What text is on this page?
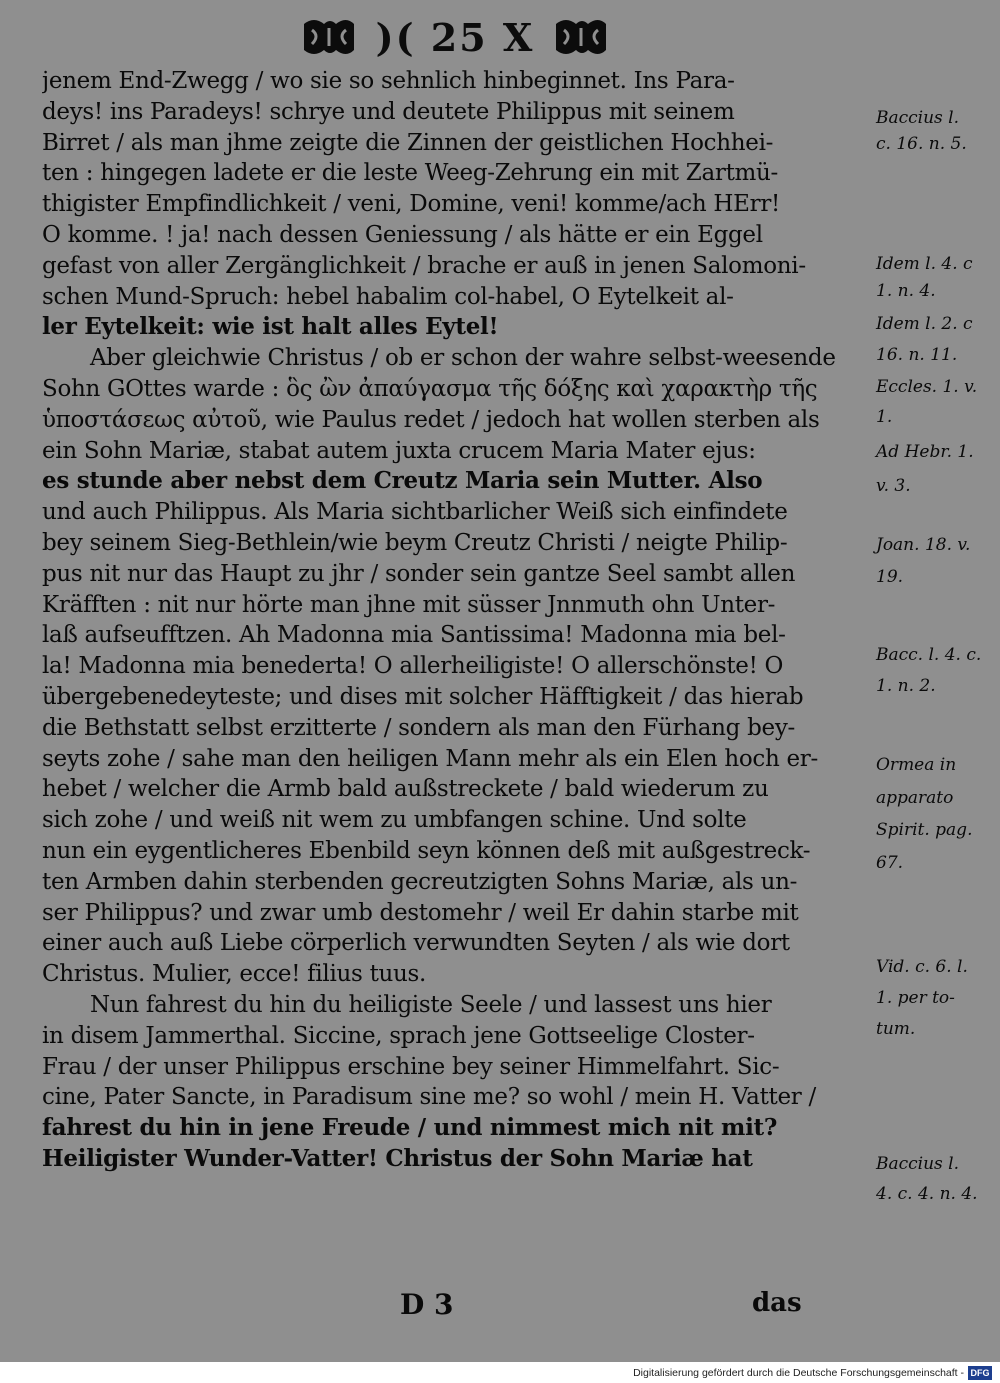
)( 25 X
jenem End-Zwegg / wo sie so sehnlich hinbeginnet. Ins Para-
deys! ins Paradeys! schrye und deutete Philippus mit seinem
Birret / als man jhme zeigte die Zinnen der geistlichen Hochhei-
ten : hingegen ladete er die leste Weeg-Zehrung ein mit Zartmü-
thigister Empfindlichkeit / veni, Domine, veni! komme/ach HErr!
O komme. ! ja! nach dessen Geniessung / als hätte er ein Eggel
gefast von aller Zergänglichkeit / brache er auß in jenen Salomoni-
schen Mund-Spruch: hebel habalim col-habel, O Eytelkeit al-
ler Eytelkeit: wie ist halt alles Eytel!
Aber gleichwie Christus / ob er schon der wahre selbst-weesende
Sohn GOttes warde : ὃς ὢν ἀπαύγασμα τῆς δόξης καὶ χαρακτὴρ τῆς
ὑποστάσεως αὐτοῦ, wie Paulus redet / jedoch hat wollen sterben als
ein Sohn Mariæ, stabat autem juxta crucem Maria Mater ejus:
es stunde aber nebst dem Creutz Maria sein Mutter. Also
und auch Philippus. Als Maria sichtbarlicher Weiß sich einfindete
bey seinem Sieg-Bethlein/wie beym Creutz Christi / neigte Philip-
pus nit nur das Haupt zu jhr / sonder sein gantze Seel sambt allen
Kräfften : nit nur hörte man jhne mit süsser Jnnmuth ohn Unter-
laß aufseufftzen. Ah Madonna mia Santissima! Madonna mia bel-
la! Madonna mia benederta! O allerheiligiste! O allerschönste! O
übergebenedeyteste; und dises mit solcher Häfftigkeit / das hierab
die Bethstatt selbst erzitterte / sondern als man den Fürhang bey-
seyts zohe / sahe man den heiligen Mann mehr als ein Elen hoch er-
hebet / welcher die Armb bald außstreckete / bald wiederum zu
sich zohe / und weiß nit wem zu umbfangen schine. Und solte
nun ein eygentlicheres Ebenbild seyn können deß mit außgestreck-
ten Armben dahin sterbenden gecreutzigten Sohns Mariæ, als un-
ser Philippus? und zwar umb destomehr / weil Er dahin starbe mit
einer auch auß Liebe cörperlich verwundten Seyten / als wie dort
Christus. Mulier, ecce! filius tuus.
Nun fahrest du hin du heiligiste Seele / und lassest uns hier
in disem Jammerthal. Siccine, sprach jene Gottseelige Closter-
Frau / der unser Philippus erschine bey seiner Himmelfahrt. Sic-
cine, Pater Sancte, in Paradisum sine me? so wohl / mein H. Vatter /
fahrest du hin in jene Freude / und nimmest mich nit mit?
Heiligister Wunder-Vatter! Christus der Sohn Mariæ hat
D 3	das
Baccius l.
c. 16. n. 5.
Idem l. 4. c
1. n. 4.
Idem l. 2. c
16. n. 11.
Eccles. 1. v.
1.
Ad Hebr. 1.
v. 3.
Joan. 18. v.
19.
Bacc. l. 4. c.
1. n. 2.
Ormea in
apparato
Spirit. pag.
67.
Vid. c. 6. l.
1. per to-
tum.
Baccius l.
4. c. 4. n. 4.
Digitalisierung gefördert durch die Deutsche Forschungsgemeinschaft - DFG
